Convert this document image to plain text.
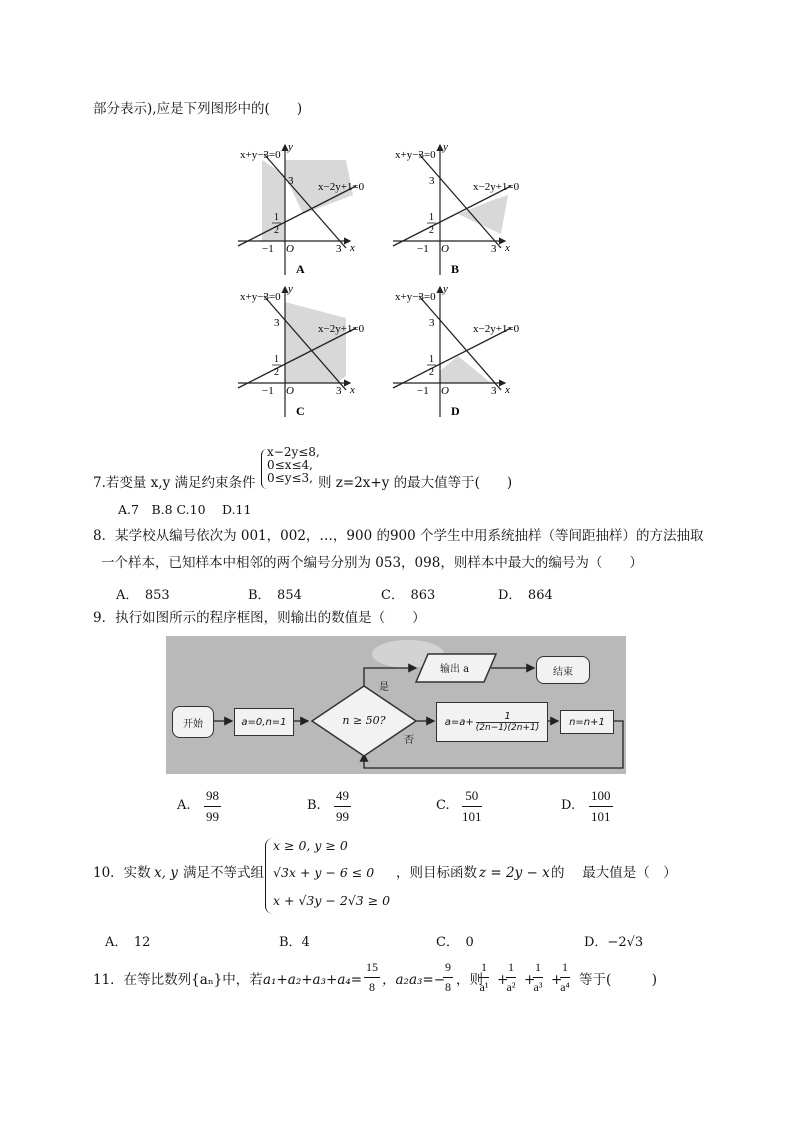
部分表示),应是下列图形中的(　　)
x+y−3=0
x−2y+1=0
y
x
3
1
2
−1 O	3
A
x+y−3=0
x−2y+1=0
y
x
3
1
2
−1 O	3
B
x+y−3=0
x−2y+1=0
y
x
3
1
2
−1 O	3
C
x+y−3=0
x−2y+1=0
y
x
3
1
2
−1 O	3
D
7.若变量 x,y 满足约束条件
x−2y≤8,
0≤x≤4,
0≤y≤3, 则 z=2x+y 的最大值等于(　　)
A.7　B.8 C.10　 D.11
8．某学校从编号依次为 001，002，…，900 的900 个学生中用系统抽样（等间距抽样）的方法抽取
一个样本，已知样本中相邻的两个编号分别为 053，098，则样本中最大的编号为（　　）
A．　853	B．　854	C．　863	D．　864
9．执行如图所示的程序框图，则输出的数值是（　　）
开始	a=0,n=1	n ≥ 50?
是
否
输出 a	结束
$a=a+ \frac{1}{(2n-1)(2n+1)}$	n=n+1
A. $\frac{98}{99}$	B. $\frac{49}{99}$	C. $\frac{50}{101}$	D. $\frac{100}{101}$
10．实数 x, y 满足不等式组
x ≥ 0, y ≥ 0
√3x + y − 6 ≤ 0
x + √3y − 2√3 ≥ 0
，则目标函数 z = 2y − x 的　 最大值是（　）
A．　12	B．4	C．　0	D．−2√3
11．在等比数列{aₙ}中，若 $a_1+a_2+a_3+a_4= \frac{15}{8}$ ，a₂a₃=−
$\frac{9}{8}$ ，则
$\frac{1}{\text{a¹}}$ +
$\frac{1}{\text{a²}}$ +
$\frac{1}{\text{a³}}$ +
$\frac{1}{\text{a⁴}}$ 等于(　　　)
